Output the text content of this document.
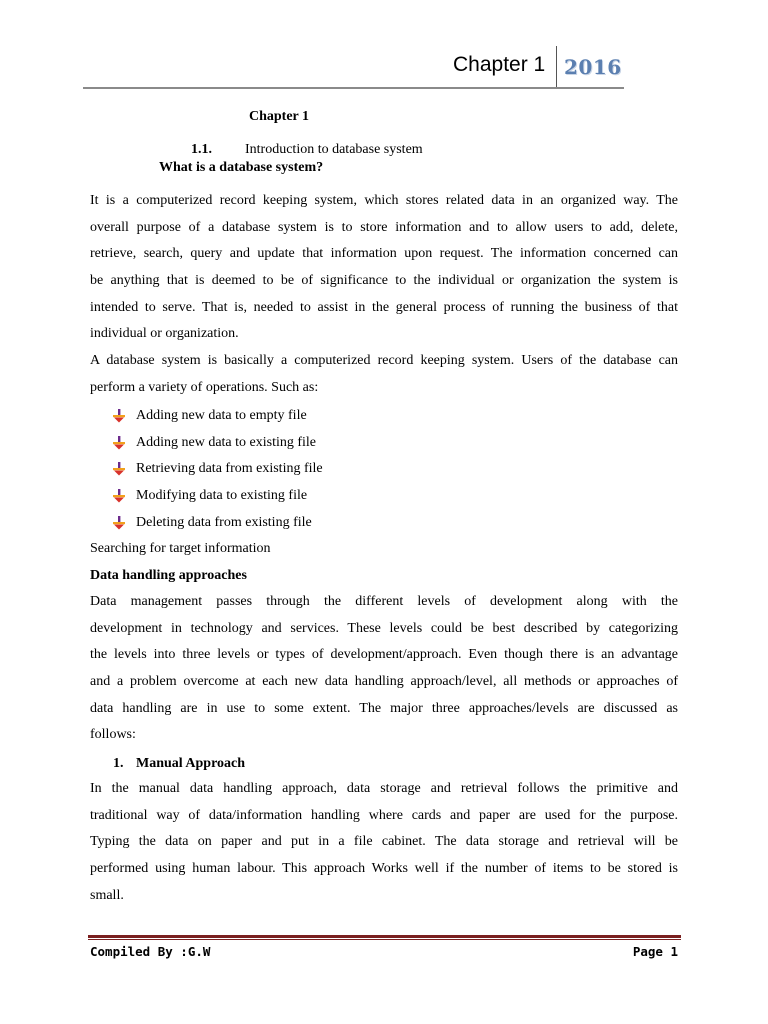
Chapter 1 2016
Chapter 1
1.1. Introduction to database system
What is a database system?
It is a computerized record keeping system, which stores related data in an organized way. The
overall purpose of a database system is to store information and to allow users to add, delete,
retrieve, search, query and update that information upon request. The information concerned can
be anything that is deemed to be of significance to the individual or organization the system is
intended to serve. That is, needed to assist in the general process of running the business of that
individual or organization.
A database system is basically a computerized record keeping system. Users of the database can
perform a variety of operations. Such as:
Adding new data to empty file
Adding new data to existing file
Retrieving data from existing file
Modifying data to existing file
Deleting data from existing file
Searching for target information
Data handling approaches
Data management passes through the different levels of development along with the
development in technology and services. These levels could be best described by categorizing
the levels into three levels or types of development/approach. Even though there is an advantage
and a problem overcome at each new data handling approach/level, all methods or approaches of
data handling are in use to some extent. The major three approaches/levels are discussed as
follows:
1. Manual Approach
In the manual data handling approach, data storage and retrieval follows the primitive and
traditional way of data/information handling where cards and paper are used for the purpose.
Typing the data on paper and put in a file cabinet. The data storage and retrieval will be
performed using human labour. This approach Works well if the number of items to be stored is
small.
Compiled By :G.W	Page 1
